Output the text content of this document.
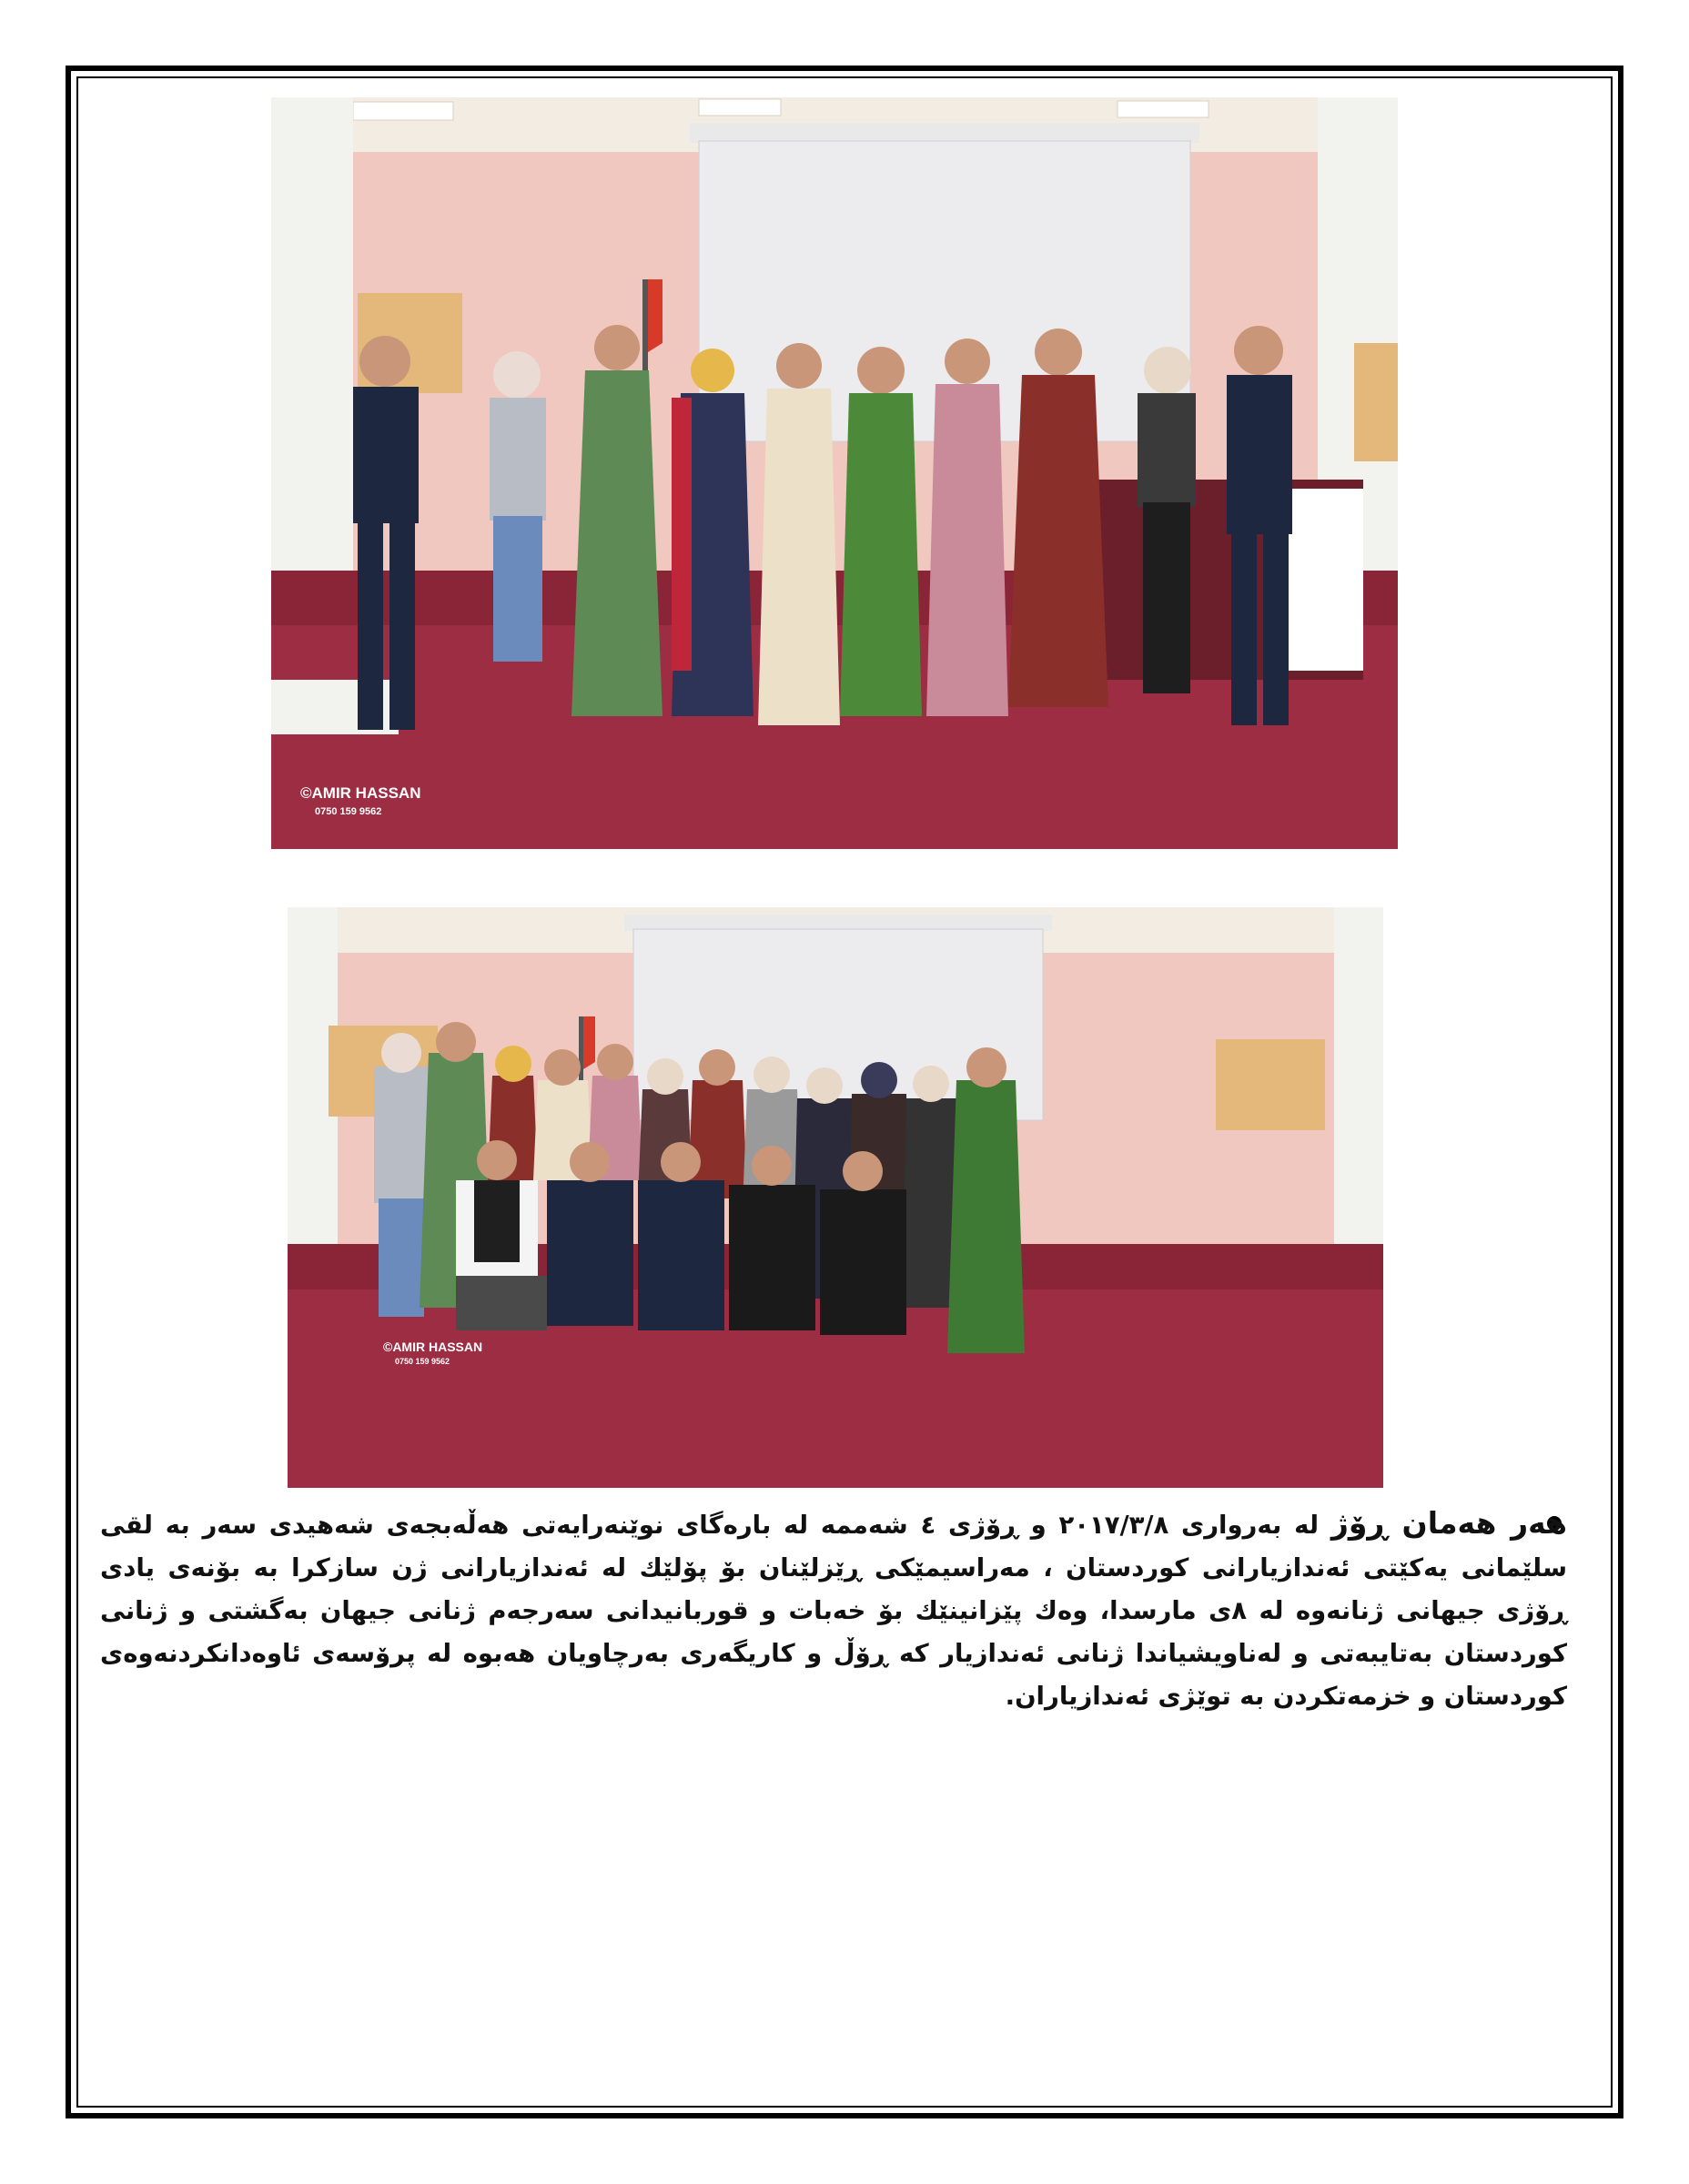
©AMIR HASSAN
0750 159 9562
©AMIR HASSAN
0750 159 9562
هەر هەمان ڕۆژ لە بەرواری ٢٠١٧/٣/٨ و ڕۆژی ٤ شەممە لە بارەگای نوێنەرایەتی هەڵەبجەی شەهیدی سەر بە لقی سلێمانی یەکێتی ئەندازیارانی کوردستان ، مەراسیمێکی ڕێزلێنان بۆ پۆلێك لە ئەندازیارانی ژن سازکرا بە بۆنەی یادی ڕۆژی جیهانی ژنانەوە لە ٨ی مارسدا، وەك پێزانینێك بۆ خەبات و قوربانیدانی سەرجەم ژنانی جیهان بەگشتی و ژنانی کوردستان بەتایبەتی و لەناویشیاندا ژنانی ئەندازیار کە ڕۆڵ و کاریگەری بەرچاویان هەبوە لە پرۆسەی ئاوەدانکردنەوەی کوردستان و خزمەتکردن بە توێژی ئەندازیاران.
